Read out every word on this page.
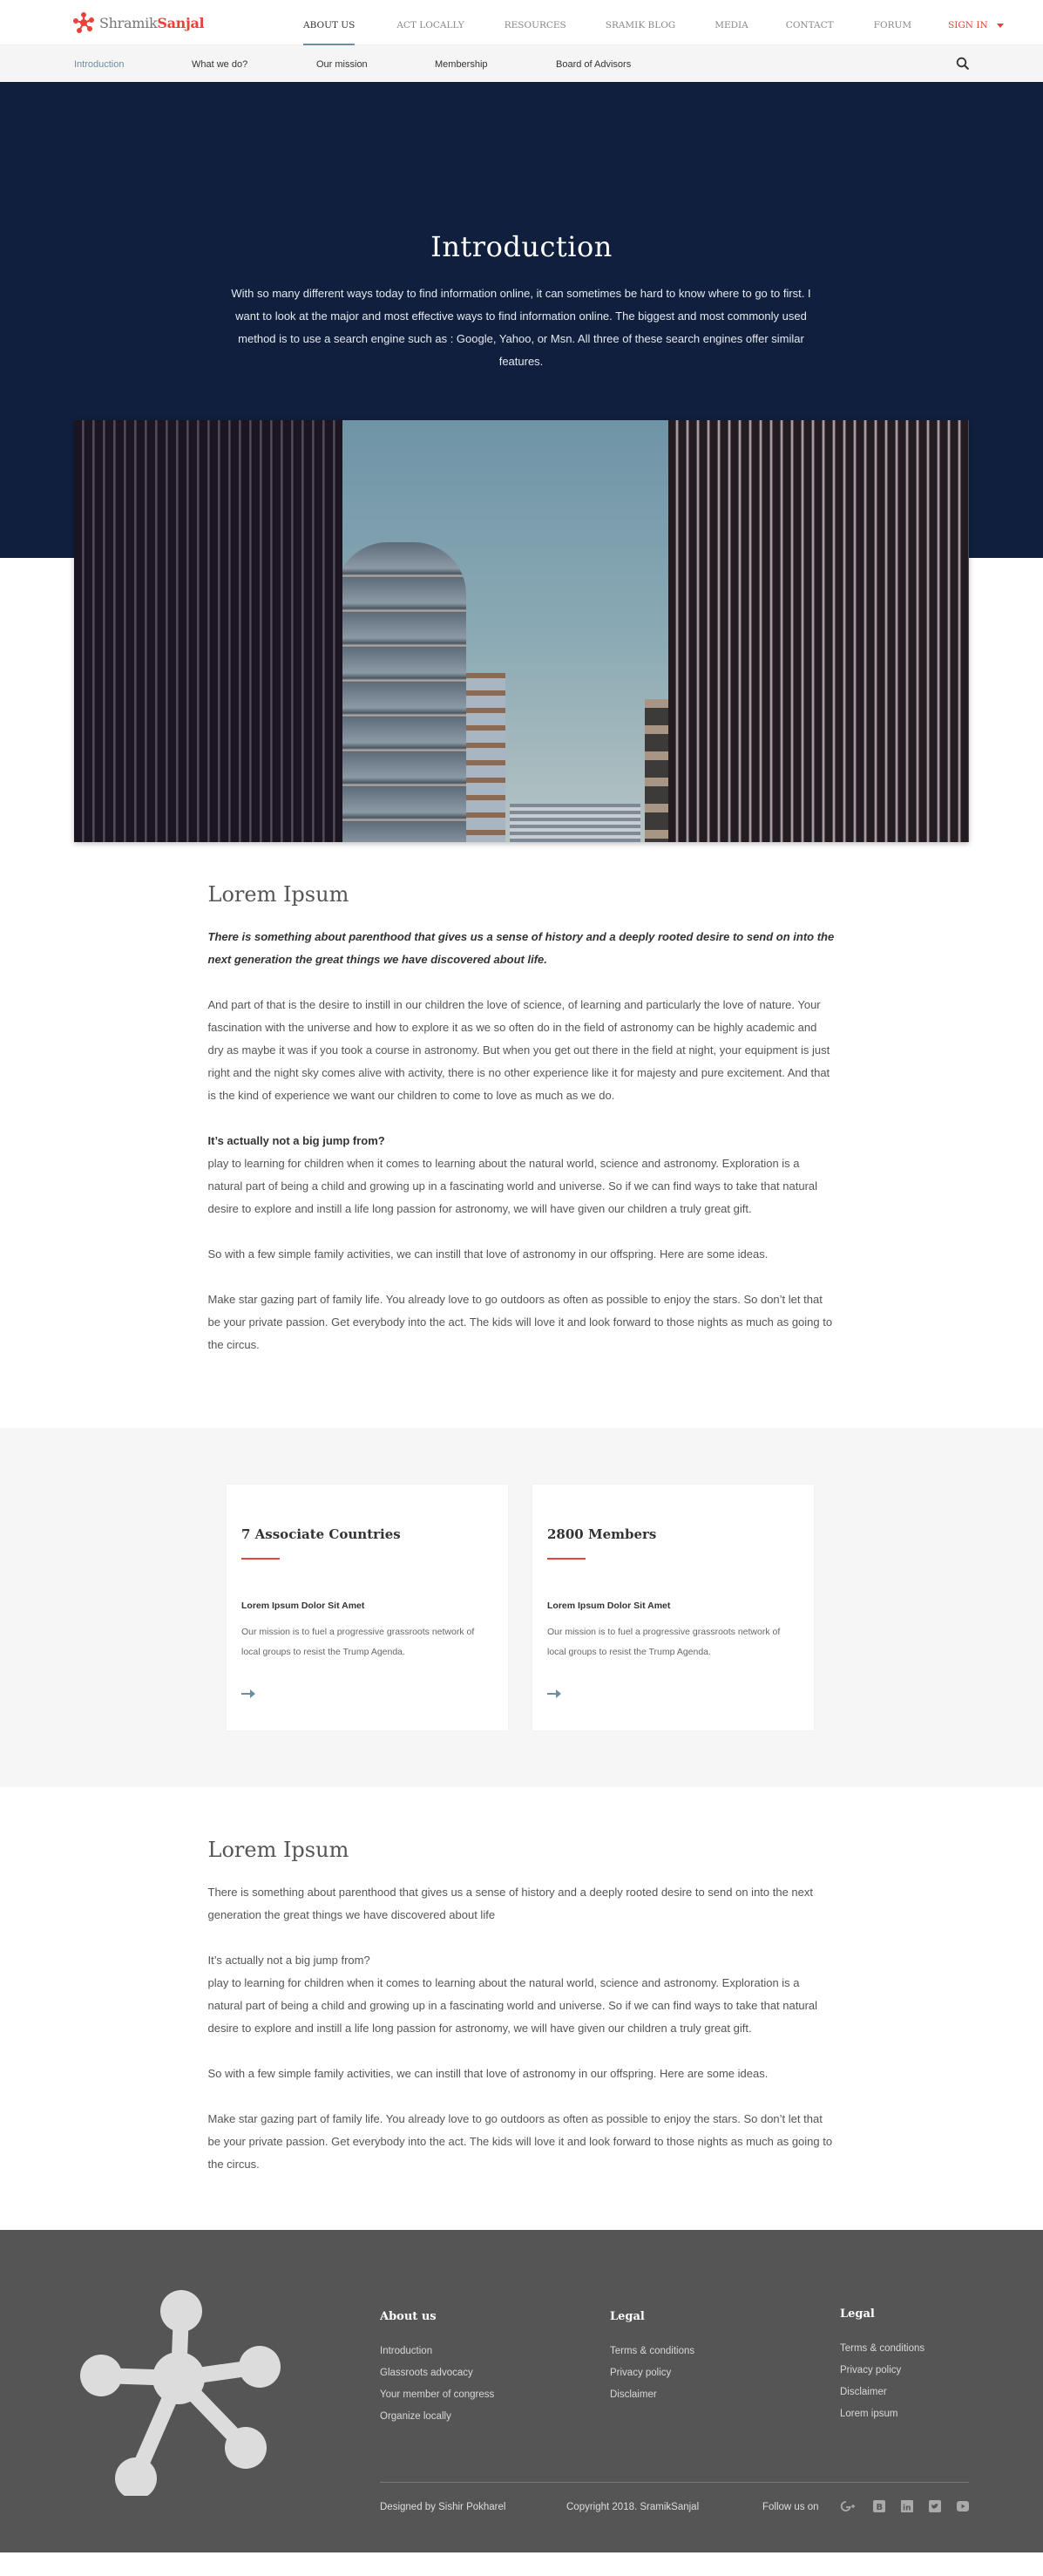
ShramikSanjal	ABOUT US	ACT LOCALLY	RESOURCES	SRAMIK BLOG	MEDIA	CONTACT	FORUM	SIGN IN
Introduction	What we do?	Our mission	Membership	Board of Advisors
Introduction

With so many different ways today to find information online, it can sometimes be hard to know where to go to first. I want to look at the major and most effective ways to find information online. The biggest and most commonly used method is to use a search engine such as : Google, Yahoo, or Msn. All three of these search engines offer similar features.

Lorem Ipsum

There is something about parenthood that gives us a sense of history and a deeply rooted desire to send on into the next generation the great things we have discovered about life.

And part of that is the desire to instill in our children the love of science, of learning and particularly the love of nature. Your fascination with the universe and how to explore it as we so often do in the field of astronomy can be highly academic and dry as maybe it was if you took a course in astronomy. But when you get out there in the field at night, your equipment is just right and the night sky comes alive with activity, there is no other experience like it for majesty and pure excitement. And that is the kind of experience we want our children to come to love as much as we do.

It’s actually not a big jump from?
play to learning for children when it comes to learning about the natural world, science and astronomy. Exploration is a natural part of being a child and growing up in a fascinating world and universe. So if we can find ways to take that natural desire to explore and instill a life long passion for astronomy, we will have given our children a truly great gift.

So with a few simple family activities, we can instill that love of astronomy in our offspring. Here are some ideas.

Make star gazing part of family life. You already love to go outdoors as often as possible to enjoy the stars. So don’t let that be your private passion. Get everybody into the act. The kids will love it and look forward to those nights as much as going to the circus.

7 Associate Countries
Lorem Ipsum Dolor Sit Amet

Our mission is to fuel a progressive grassroots network of local groups to resist the Trump Agenda.

2800 Members
Lorem Ipsum Dolor Sit Amet

Our mission is to fuel a progressive grassroots network of local groups to resist the Trump Agenda.

Lorem Ipsum

There is something about parenthood that gives us a sense of history and a deeply rooted desire to send on into the next generation the great things we have discovered about life

It’s actually not a big jump from?
play to learning for children when it comes to learning about the natural world, science and astronomy. Exploration is a natural part of being a child and growing up in a fascinating world and universe. So if we can find ways to take that natural desire to explore and instill a life long passion for astronomy, we will have given our children a truly great gift.

So with a few simple family activities, we can instill that love of astronomy in our offspring. Here are some ideas.

Make star gazing part of family life. You already love to go outdoors as often as possible to enjoy the stars. So don’t let that be your private passion. Get everybody into the act. The kids will love it and look forward to those nights as much as going to the circus.

About us
Introduction
Glassroots advocacy
Your member of congress
Organize locally
Legal
Terms & conditions
Privacy policy
Disclaimer
Legal
Terms & conditions
Privacy policy
Disclaimer
Lorem ipsum
Designed by Sishir Pokharel	Copyright 2018. SramikSanjal	Follow us on	B	in
